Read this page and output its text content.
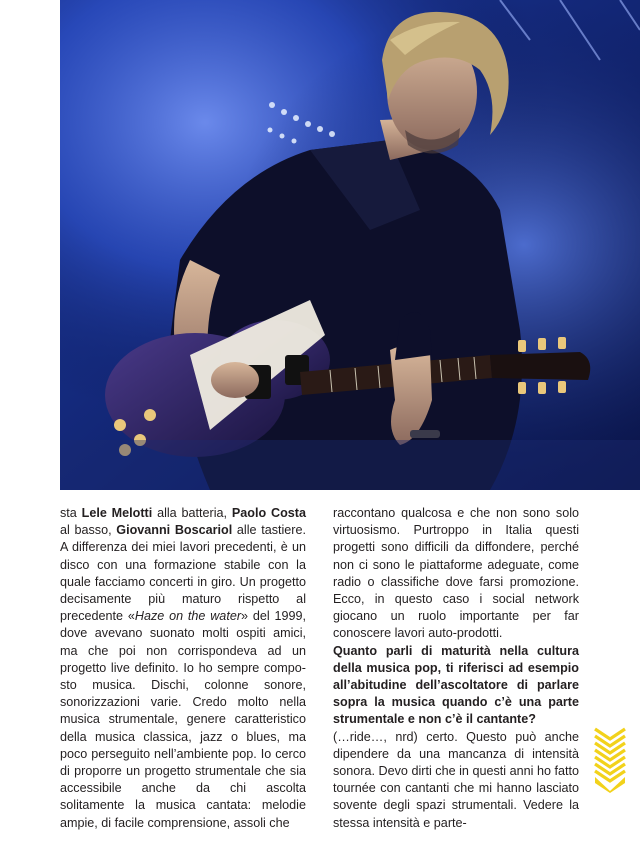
sta Lele Melotti alla batteria, Paolo Costa al basso, Giovanni Boscariol alle tastiere. A differenza dei miei lavori precedenti, è un disco con una formazione stabile con la quale facciamo concerti in giro. Un progetto decisamente più maturo rispetto al precedente «Haze on the water» del 1999, dove avevano suonato molti ospiti amici, ma che poi non corrispondeva ad un progetto live definito. Io ho sempre composto musica. Dischi, colonne sonore, sonorizzazioni varie. Credo molto nella musica strumentale, genere caratteristico della musica classica, jazz o blues, ma poco perseguito nell’ambiente pop. Io cerco di proporre un progetto strumentale che sia accessibile anche da chi ascolta solitamente la musica cantata: melodie ampie, di facile comprensione, assoli che

raccontano qualcosa e che non sono solo virtuosismo. Purtroppo in Italia questi progetti sono difficili da diffondere, perché non ci sono le piattaforme adeguate, come radio o classifiche dove farsi promozione. Ecco, in questo caso i social network giocano un ruolo importante per far conoscere lavori auto-prodotti.

Quanto parli di maturità nella cultura della musica pop, ti riferisci ad esempio all’abitudine dell’ascoltatore di parlare sopra la musica quando c’è una parte strumentale e non c’è il cantante?

(…ride…, nrd) certo. Questo può anche dipendere da una mancanza di intensità sonora. Devo dirti che in questi anni ho fatto tournée con cantanti che mi hanno lasciato sovente degli spazi strumentali. Vedere la stessa intensità e parte-
